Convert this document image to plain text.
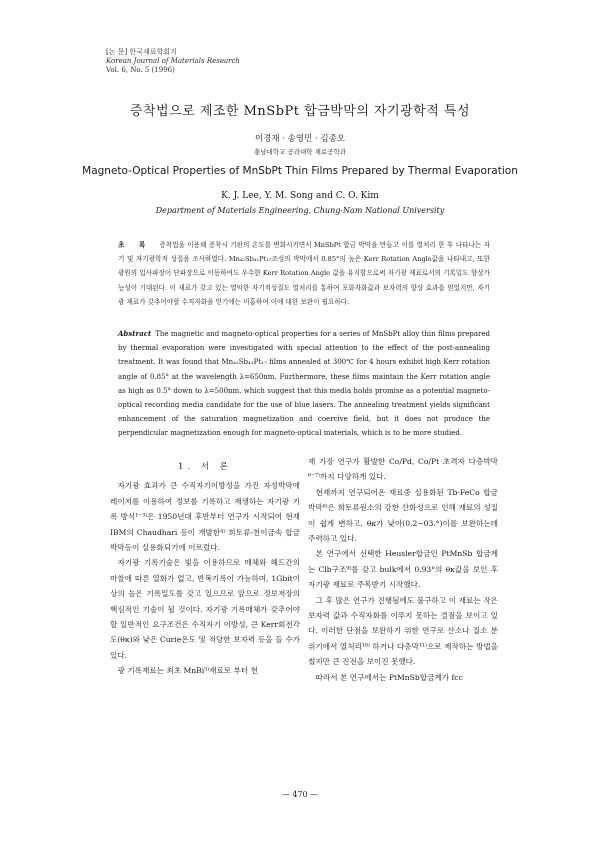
[논 문] 한국재료학회지
Korean Journal of Materials Research
Vol. 6, No. 5 (1996)
증착법으로 제조한 MnSbPt 합금박막의 자기광학적 특성
이경재 · 송영민 · 김종오
충남대학교 공과대학 재료공학과
Magneto-Optical Properties of MnSbPt Thin Films Prepared by Thermal Evaporation
K. J. Lee, Y. M. Song and C. O. Kim
Department of Materials Engineering, Chung-Nam National University
초 록 증착법을 이용해 증착시 기판의 온도를 변화시키면서 MnSbPt 합금 박막을 만들고 이를 열처리 한 후 나타나는 자기 및 자기광학적 성질을 조사하였다. Mn₄₂Sb₄₁Pt₁₇조성의 박막에서 0.85°의 높은 Kerr Rotation Angle값을 나타내고, 또한 광원의 입사파장이 단파장으로 이동하여도 우수한 Kerr Rotation Angle 값을 유지함으로써 자기광 재료로서의 기록밀도 향상가능성이 기대된다. 이 재료가 갖고 있는 열악한 자기적성질도 열처리를 통하여 포화자화값과 보자력의 향상 효과를 얻었지만, 자기광 재료가 갖추어야할 수직자화을 얻기에는 미흡하여 이에 대한 보완이 필요하다.
Abstract The magnetic and magneto-optical properties for a series of MnSbPt alloy thin films prepared by thermal evaporation were investigated with special attention to the effect of the post-annealing treatment. It was found that Mn₄₂Sb₄₁Pt₁₇ films annealed at 300℃ for 4 hours exhibit high Kerr rotation angle of 0.85° at the wavelength λ=650nm. Furthermore, these films maintain the Kerr rotation angle as high as 0.5° down to λ=500nm, which suggest that this media holds promise as a potential magneto-optical recording media candidate for the use of blue lasers. The annealing treatment yields significant enhancement of the saturation magnetization and coercive field, but it does not produce the perpendicular magnetization enough for magneto-optical materials, which is to be more studied.
1. 서 론

자기광 효과가 큰 수직자기이방성을 가진 자성박막에 레이저를 이용하여 정보를 기록하고 재생하는 자기광 기록 방식¹⁻³⁾은 1950년대 후반부터 연구가 시작되어 현재 IBM의 Chaudhari 등이 개발한⁴⁾ 희토류-천이금속 합금 박막등이 실용화되기에 이르렀다.

자기광 기록기술은 빛을 이용하므로 매체와 헤드간의 마찰에 따른 열화가 없고, 반복기록이 가능하며, 1Gbit이상의 높은 기록밀도를 갖고 있으므로 앞으로 정보저장의 핵심적인 기술이 될 것이다. 자기광 기록매체가 갖추어야 할 일반적인 요구조건은 수직자기 이방성, 큰 Kerr회전각도(θκ)와 낮은 Curie온도 및 적당한 보자력 등을 들 수가 있다.

광 기록재료는 최초 MnBi⁵⁾재료로 부터 현

재 가장 연구가 활발한 Co/Pd, Co/Pt 초격자 다층박막⁶⁻⁷⁾까지 다양하게 있다.

현재까지 연구되어온 재료중 실용화된 Tb-FeCo 합금박막⁸⁾은 희토류원소의 강한 산화성으로 인해 재료의 성질이 쉽게 변하고, θκ가 낮아(0.2~03.°)이를 보완하는데 주력하고 있다.

본 연구에서 선택한 Heusler합금인 PtMnSb 합금계는 Clb구조⁹⁾를 갖고 bulk에서 0.93°의 θκ값을 보인 후 자기광 재료로 주목받기 시작했다.

그 후 많은 연구가 진행됨에도 불구하고 이 재료는 작은 보자력 값과 수직자화를 이루지 못하는 결점을 보이고 있다. 이러한 단점을 보완하기 위한 연구로 산소나 질소 분위기에서 열처리¹⁰⁾ 하거나 다층막¹¹⁾으로 제작하는 방법을 썼지만 큰 진전을 보이진 못했다.

따라서 본 연구에서는 PtMnSb합금계가 fcc

— 470 —
